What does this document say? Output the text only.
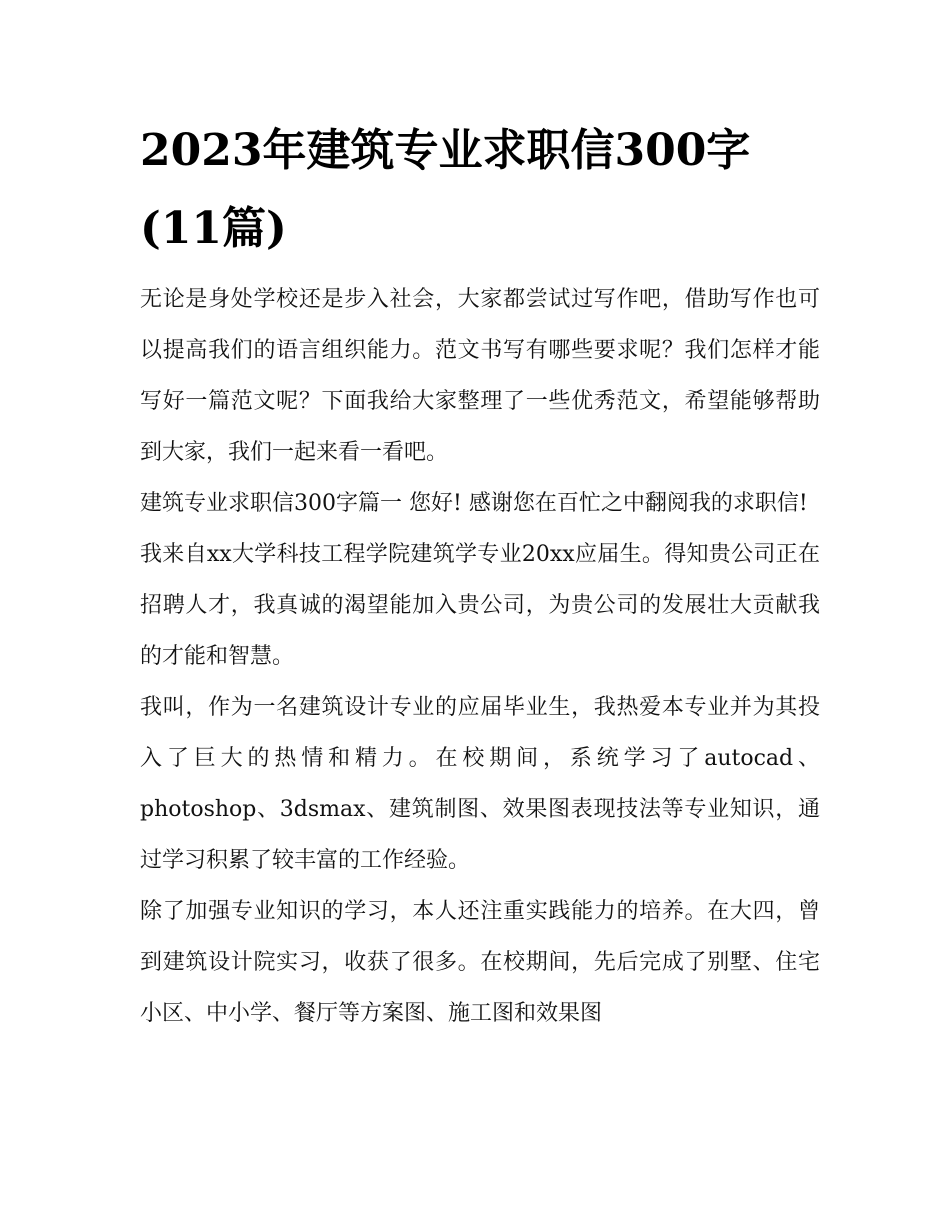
2023年建筑专业求职信300字(11篇)

无论是身处学校还是步入社会，大家都尝试过写作吧，借助写作也可以提高我们的语言组织能力。范文书写有哪些要求呢？我们怎样才能写好一篇范文呢？下面我给大家整理了一些优秀范文，希望能够帮助到大家，我们一起来看一看吧。

建筑专业求职信300字篇一 您好! 感谢您在百忙之中翻阅我的求职信!

我来自xx大学科技工程学院建筑学专业20xx应届生。得知贵公司正在招聘人才，我真诚的渴望能加入贵公司，为贵公司的发展壮大贡献我的才能和智慧。

我叫，作为一名建筑设计专业的应届毕业生，我热爱本专业并为其投入了巨大的热情和精力。在校期间，系统学习了autocad、photoshop、3dsmax、建筑制图、效果图表现技法等专业知识，通过学习积累了较丰富的工作经验。

除了加强专业知识的学习，本人还注重实践能力的培养。在大四，曾到建筑设计院实习，收获了很多。在校期间，先后完成了别墅、住宅小区、中小学、餐厅等方案图、施工图和效果图
